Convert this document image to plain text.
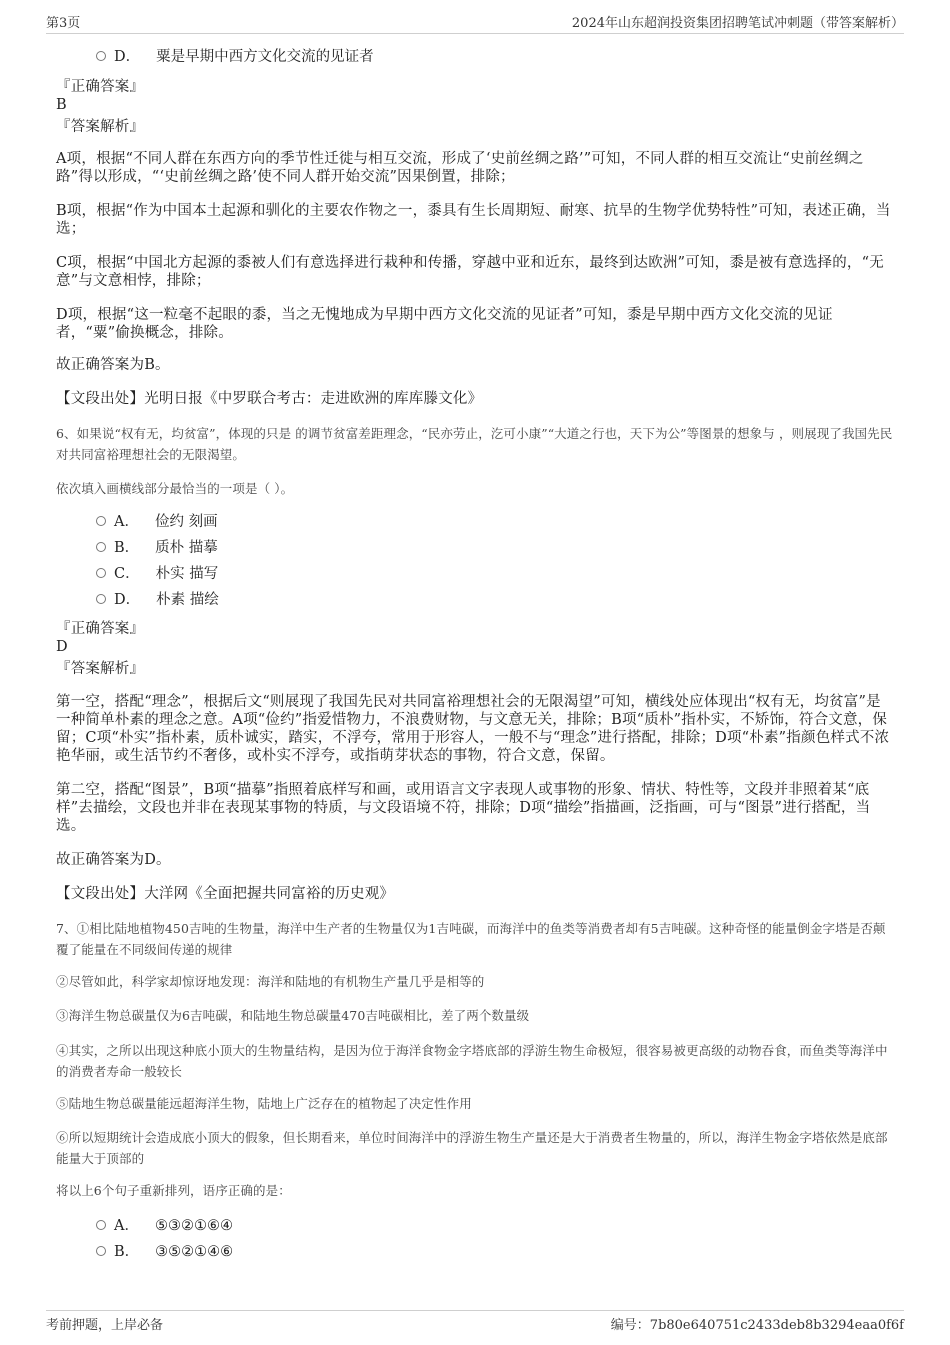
第3页	2024年山东超润投资集团招聘笔试冲刺题（带答案解析）
D． 粟是早期中西方文化交流的见证者
『正确答案』
B
『答案解析』
A项，根据“不同人群在东西方向的季节性迁徙与相互交流，形成了‘史前丝绸之路’”可知，不同人群的相互交流让“史前丝绸之路”得以形成，“‘史前丝绸之路’使不同人群开始交流”因果倒置，排除；
B项，根据“作为中国本土起源和驯化的主要农作物之一，黍具有生长周期短、耐寒、抗旱的生物学优势特性”可知，表述正确，当选；
C项，根据“中国北方起源的黍被人们有意选择进行栽种和传播，穿越中亚和近东，最终到达欧洲”可知，黍是被有意选择的，“无意”与文意相悖，排除；
D项，根据“这一粒毫不起眼的黍，当之无愧地成为早期中西方文化交流的见证者”可知，黍是早期中西方文化交流的见证者，“粟”偷换概念，排除。
故正确答案为B。
【文段出处】光明日报《中罗联合考古：走进欧洲的库库滕文化》
6、如果说“权有无，均贫富”，体现的只是 的调节贫富差距理念，“民亦劳止，汔可小康”“大道之行也，天下为公”等图景的想象与 ，则展现了我国先民对共同富裕理想社会的无限渴望。
依次填入画横线部分最恰当的一项是（ ）。
A． 俭约 刻画
B． 质朴 描摹
C． 朴实 描写
D． 朴素 描绘
『正确答案』
D
『答案解析』
第一空，搭配“理念”，根据后文“则展现了我国先民对共同富裕理想社会的无限渴望”可知，横线处应体现出“权有无，均贫富”是一种简单朴素的理念之意。A项“俭约”指爱惜物力，不浪费财物，与文意无关，排除；B项“质朴”指朴实，不矫饰，符合文意，保留；C项“朴实”指朴素，质朴诚实，踏实，不浮夸，常用于形容人，一般不与“理念”进行搭配，排除；D项“朴素”指颜色样式不浓艳华丽，或生活节约不奢侈，或朴实不浮夸，或指萌芽状态的事物，符合文意，保留。
第二空，搭配“图景”，B项“描摹”指照着底样写和画，或用语言文字表现人或事物的形象、情状、特性等，文段并非照着某“底样”去描绘，文段也并非在表现某事物的特质，与文段语境不符，排除；D项“描绘”指描画，泛指画，可与“图景”进行搭配，当选。
故正确答案为D。
【文段出处】大洋网《全面把握共同富裕的历史观》
7、①相比陆地植物450吉吨的生物量，海洋中生产者的生物量仅为1吉吨碳，而海洋中的鱼类等消费者却有5吉吨碳。这种奇怪的能量倒金字塔是否颠覆了能量在不同级间传递的规律
②尽管如此，科学家却惊讶地发现：海洋和陆地的有机物生产量几乎是相等的
③海洋生物总碳量仅为6吉吨碳，和陆地生物总碳量470吉吨碳相比，差了两个数量级
④其实，之所以出现这种底小顶大的生物量结构，是因为位于海洋食物金字塔底部的浮游生物生命极短，很容易被更高级的动物吞食，而鱼类等海洋中的消费者寿命一般较长
⑤陆地生物总碳量能远超海洋生物，陆地上广泛存在的植物起了决定性作用
⑥所以短期统计会造成底小顶大的假象，但长期看来，单位时间海洋中的浮游生物生产量还是大于消费者生物量的，所以，海洋生物金字塔依然是底部能量大于顶部的
将以上6个句子重新排列，语序正确的是：
A． ⑤③②①⑥④
B． ③⑤②①④⑥
考前押题，上岸必备	编号：7b80e640751c2433deb8b3294eaa0f6f
